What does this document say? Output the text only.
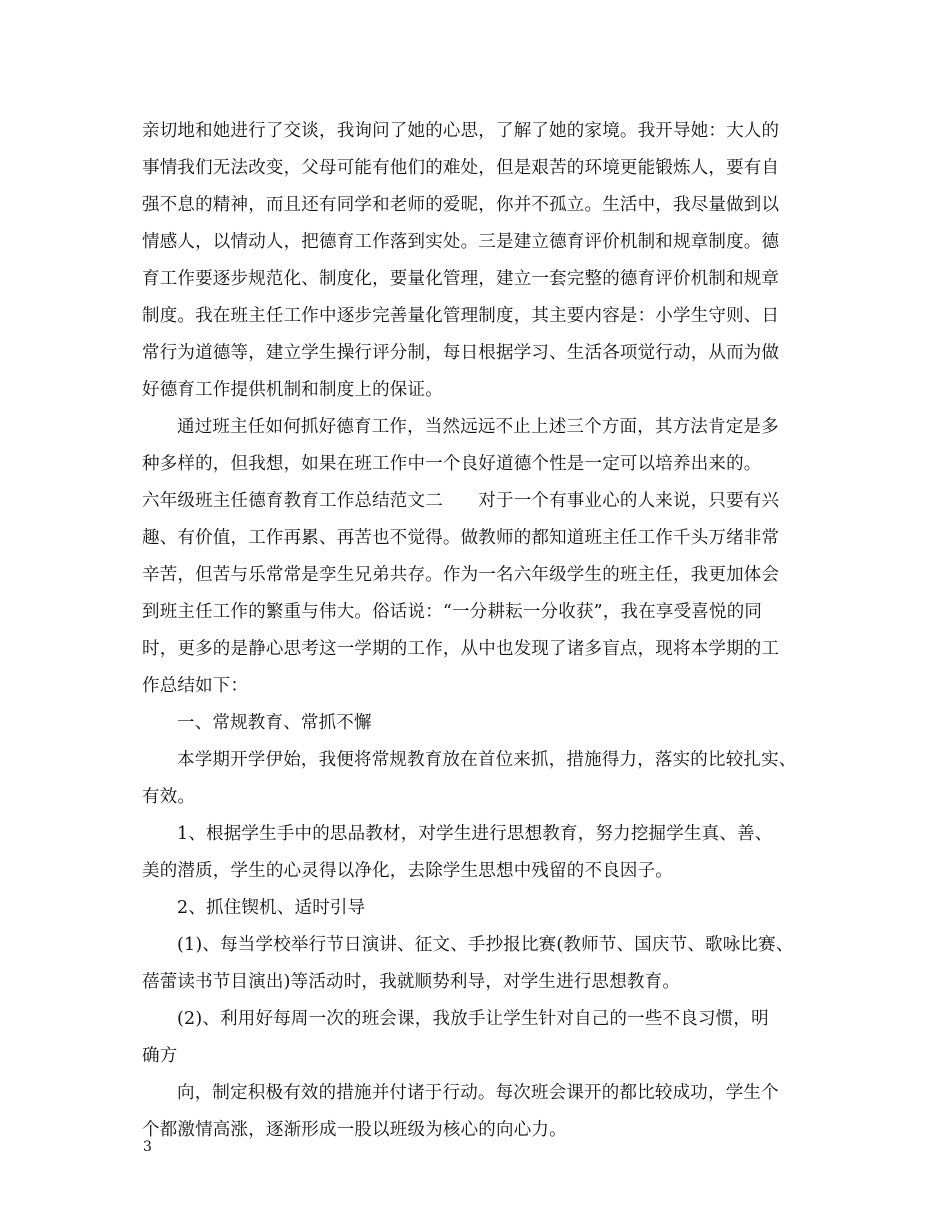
亲切地和她进行了交谈，我询问了她的心思，了解了她的家境。我开导她：大人的
事情我们无法改变，父母可能有他们的难处，但是艰苦的环境更能锻炼人，要有自
强不息的精神，而且还有同学和老师的爱昵，你并不孤立。生活中，我尽量做到以
情感人，以情动人，把德育工作落到实处。三是建立德育评价机制和规章制度。德
育工作要逐步规范化、制度化，要量化管理，建立一套完整的德育评价机制和规章
制度。我在班主任工作中逐步完善量化管理制度，其主要内容是：小学生守则、日
常行为道德等，建立学生操行评分制，每日根据学习、生活各项觉行动，从而为做
好德育工作提供机制和制度上的保证。
通过班主任如何抓好德育工作，当然远远不止上述三个方面，其方法肯定是多
种多样的，但我想，如果在班工作中一个良好道德个性是一定可以培养出来的。
六年级班主任德育教育工作总结范文二　　对于一个有事业心的人来说，只要有兴
趣、有价值，工作再累、再苦也不觉得。做教师的都知道班主任工作千头万绪非常
辛苦，但苦与乐常常是孪生兄弟共存。作为一名六年级学生的班主任，我更加体会
到班主任工作的繁重与伟大。俗话说：“一分耕耘一分收获”，我在享受喜悦的同
时，更多的是静心思考这一学期的工作，从中也发现了诸多盲点，现将本学期的工
作总结如下：
一、常规教育、常抓不懈
本学期开学伊始，我便将常规教育放在首位来抓，措施得力，落实的比较扎实、
有效。
1、根据学生手中的思品教材，对学生进行思想教育，努力挖掘学生真、善、
美的潜质，学生的心灵得以净化，去除学生思想中残留的不良因子。
2、抓住锲机、适时引导
(1)、每当学校举行节日演讲、征文、手抄报比赛(教师节、国庆节、歌咏比赛、
蓓蕾读书节目演出)等活动时，我就顺势利导，对学生进行思想教育。
(2)、利用好每周一次的班会课，我放手让学生针对自己的一些不良习惯，明
确方
向，制定积极有效的措施并付诸于行动。每次班会课开的都比较成功，学生个
个都激情高涨，逐渐形成一股以班级为核心的向心力。
3
